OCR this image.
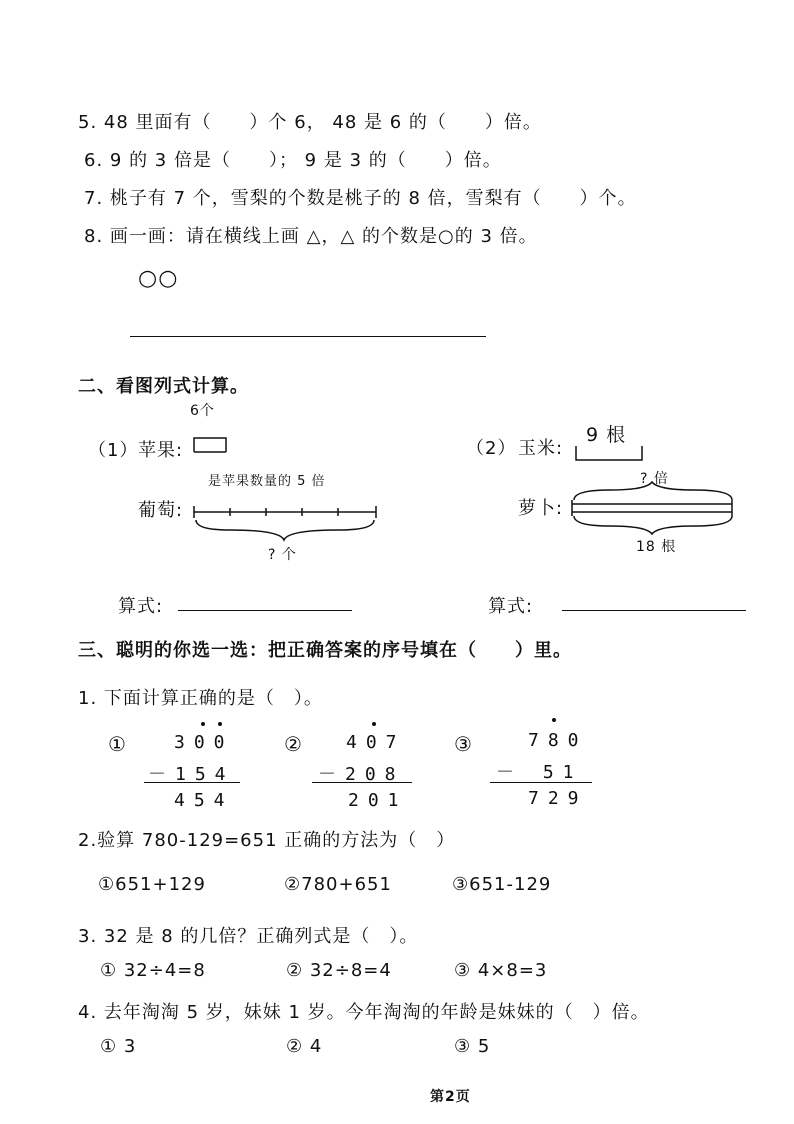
5. 48 里面有（　　）个 6， 48 是 6 的（　　）倍。
6. 9 的 3 倍是（　　）； 9 是 3 的（　　）倍。
7. 桃子有 7 个，雪梨的个数是桃子的 8 倍，雪梨有（　　）个。
8. 画一画：请在横线上画 △，△ 的个数是○的 3 倍。
○○
二、看图列式计算。
6个
（1） 苹果:
是苹果数量的 5 倍
葡萄:
? 个
（2） 玉米:
9 根
? 倍
萝卜:
18 根
算式:	算式:
三、聪明的你选一选：把正确答案的序号填在（　　）里。
1. 下面计算正确的是（　）。
①	300
－154
454
② 407
－208
201
③	780
－ 51
729
2.验算 780-129=651 正确的方法为（　）
①651+129	②780+651	③651-129
3. 32 是 8 的几倍？正确列式是（　）。
① 32÷4=8	② 32÷8=4	③ 4×8=3
4. 去年淘淘 5 岁，妹妹 1 岁。今年淘淘的年龄是妹妹的（　）倍。
① 3	② 4	③ 5
第2页
